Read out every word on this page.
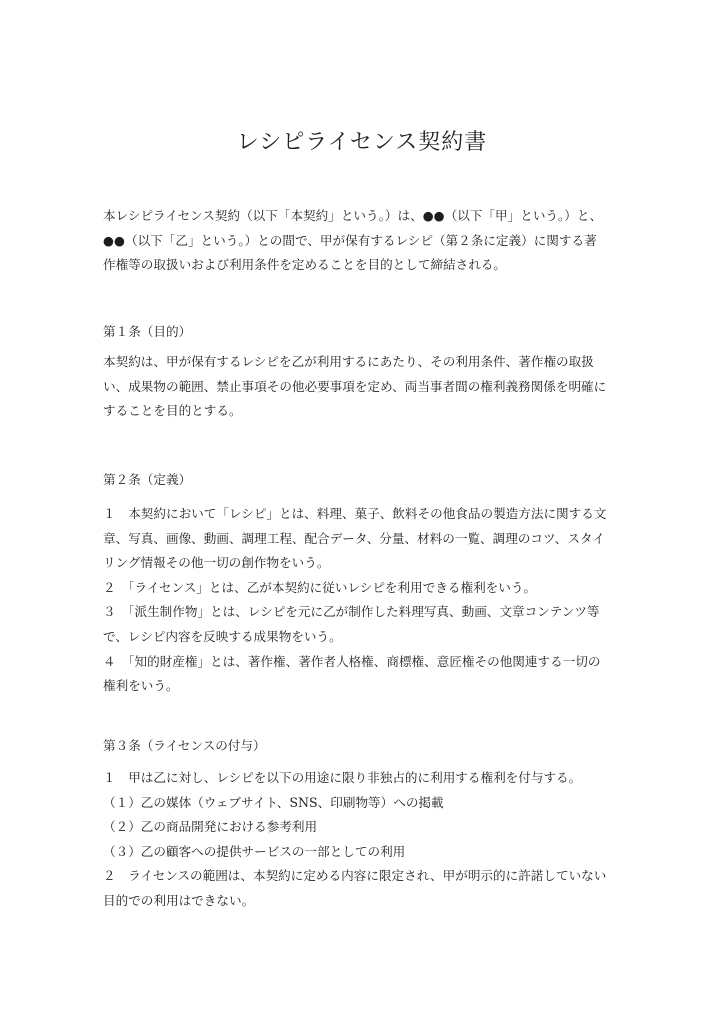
レシピライセンス契約書
本レシピライセンス契約（以下「本契約」という。）は、●●（以下「甲」という。）と、
●●（以下「乙」という。）との間で、甲が保有するレシピ（第２条に定義）に関する著
作権等の取扱いおよび利用条件を定めることを目的として締結される。
第１条（目的）
本契約は、甲が保有するレシピを乙が利用するにあたり、その利用条件、著作権の取扱
い、成果物の範囲、禁止事項その他必要事項を定め、両当事者間の権利義務関係を明確に
することを目的とする。
第２条（定義）
１　本契約において「レシピ」とは、料理、菓子、飲料その他食品の製造方法に関する文
章、写真、画像、動画、調理工程、配合データ、分量、材料の一覧、調理のコツ、スタイ
リング情報その他一切の創作物をいう。
２　「ライセンス」とは、乙が本契約に従いレシピを利用できる権利をいう。
３　「派生制作物」とは、レシピを元に乙が制作した料理写真、動画、文章コンテンツ等
で、レシピ内容を反映する成果物をいう。
４　「知的財産権」とは、著作権、著作者人格権、商標権、意匠権その他関連する一切の
権利をいう。
第３条（ライセンスの付与）
１　甲は乙に対し、レシピを以下の用途に限り非独占的に利用する権利を付与する。
（１）乙の媒体（ウェブサイト、SNS、印刷物等）への掲載
（２）乙の商品開発における参考利用
（３）乙の顧客への提供サービスの一部としての利用
２　ライセンスの範囲は、本契約に定める内容に限定され、甲が明示的に許諾していない
目的での利用はできない。
